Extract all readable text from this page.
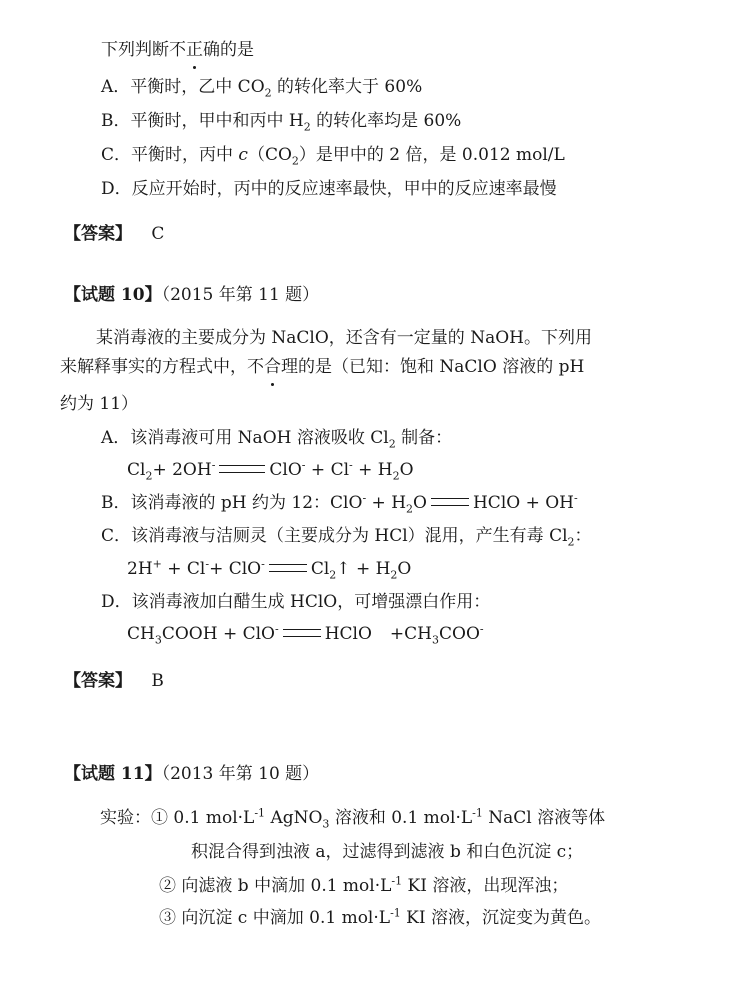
下列判断不正确的是
A．平衡时，乙中 $CO_2$ 的转化率大于 60%
B．平衡时，甲中和丙中 $H_2$ 的转化率均是 60%
C．平衡时，丙中 $c(CO_2)$是甲中的 2 倍，是 0.012 mol/L
D．反应开始时，丙中的反应速率最快，甲中的反应速率最慢
【答案】 C
【试题 10】（2015 年第 11 题）
某消毒液的主要成分为 NaClO，还含有一定量的 NaOH。下列用
来解释事实的方程式中，不合理的是（已知：饱和 NaClO 溶液的 pH
约为 11）
A．该消毒液可用 NaOH 溶液吸收 $Cl_2$ 制备：
$Cl_2+ 2OH^-$	$ClO^- + Cl^- + H_2O$
B．该消毒液的 pH 约为 12：$ClO^- + H_2O$	HClO + OH-
C．该消毒液与洁厕灵（主要成分为 HCl）混用，产生有毒 $Cl_2$：
2H+ + Cl-+ ClO-	$Cl_2↑ + H_2O$
D．该消毒液加白醋生成 HClO，可增强漂白作用：
$CH_3COOH + ClO^-$	HClO $+CH_3COO^-$
【答案】 B
【试题 11】（2013 年第 10 题）
实验：① 0.1 $mol\cdot L^{-1}$ AgNO$_3$ 溶液和 0.1 $mol\cdot L^{-1}$ NaCl 溶液等体
积混合得到浊液 a，过滤得到滤液 b 和白色沉淀 c；
② 向滤液 b 中滴加 0.1 $mol\cdot L^{-1}$ KI 溶液，出现浑浊；
③ 向沉淀 c 中滴加 0.1 $mol\cdot L^{-1}$ KI 溶液，沉淀变为黄色。
